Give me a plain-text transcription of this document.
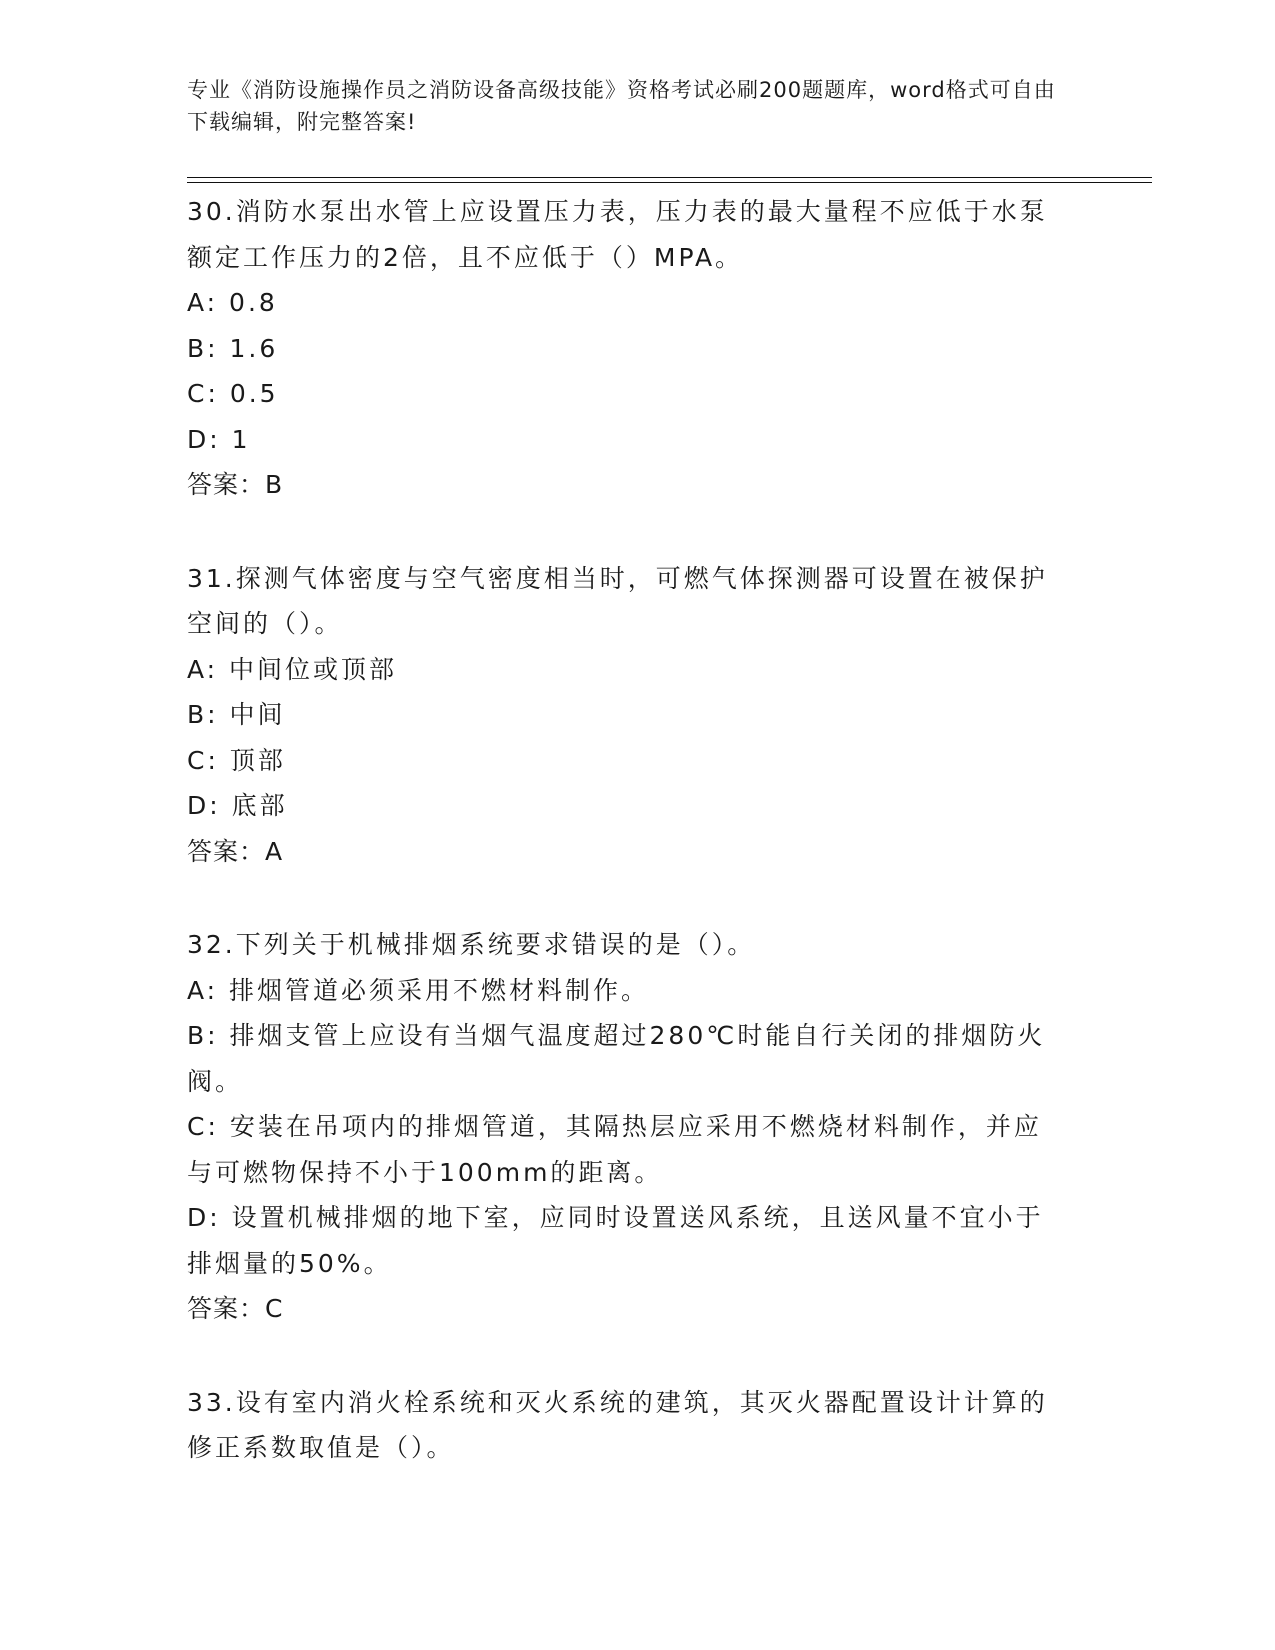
专业《消防设施操作员之消防设备高级技能》资格考试必刷200题题库，word格式可自由下载编辑，附完整答案!
30.消防水泵出水管上应设置压力表，压力表的最大量程不应低于水泵额定工作压力的2倍，且不应低于（）MPA。
A: 0.8
B: 1.6
C: 0.5
D: 1
答案：B
31.探测气体密度与空气密度相当时，可燃气体探测器可设置在被保护空间的（）。
A: 中间位或顶部
B: 中间
C: 顶部
D: 底部
答案：A
32.下列关于机械排烟系统要求错误的是（）。
A: 排烟管道必须采用不燃材料制作。
B: 排烟支管上应设有当烟气温度超过280℃时能自行关闭的排烟防火阀。
C: 安装在吊项内的排烟管道，其隔热层应采用不燃烧材料制作，并应与可燃物保持不小于100mm的距离。
D: 设置机械排烟的地下室，应同时设置送风系统，且送风量不宜小于排烟量的50%。
答案：C
33.设有室内消火栓系统和灭火系统的建筑，其灭火器配置设计计算的修正系数取值是（）。
